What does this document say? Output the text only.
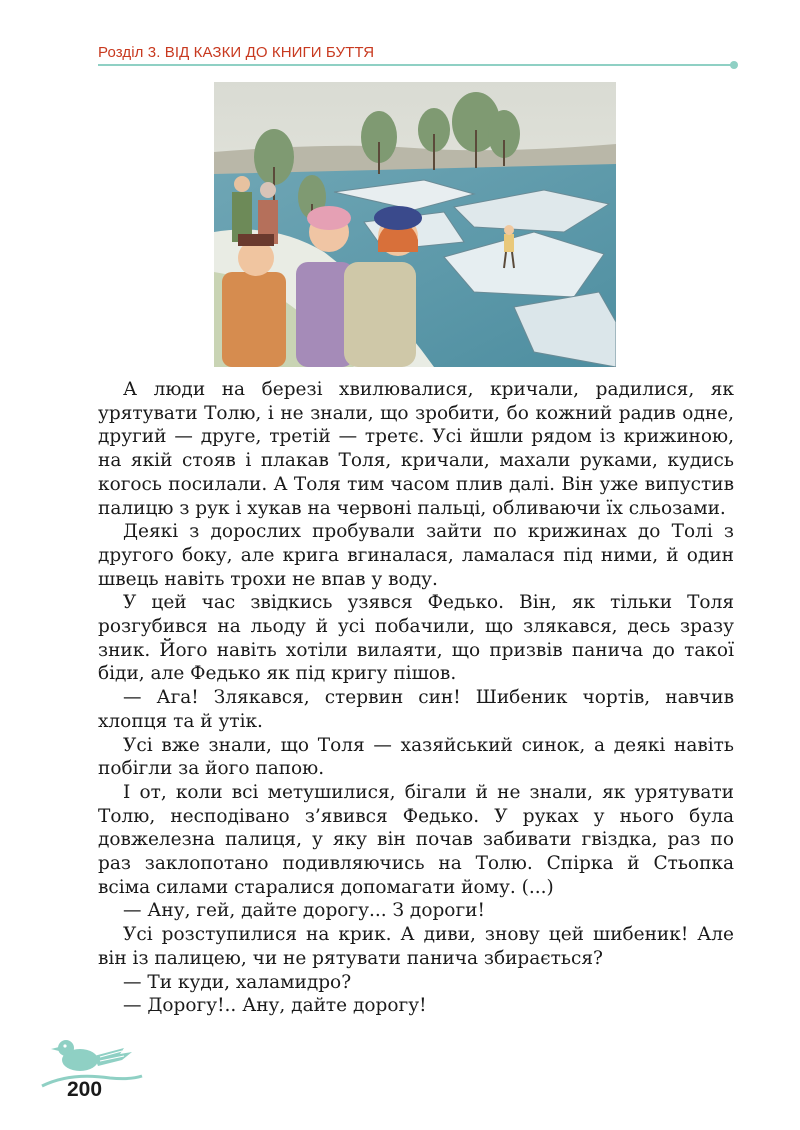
Розділ 3. ВІД КАЗКИ ДО КНИГИ БУТТЯ

А люди на березі хвилювалися, кричали, радилися, як урятувати Толю, і не знали, що зробити, бо кожний радив одне, другий — друге, третій — третє. Усі йшли рядом із крижиною, на якій стояв і плакав Толя, кричали, махали руками, кудись когось посилали. А Толя тим часом плив далі. Він уже випустив палицю з рук і хукав на червоні пальці, обливаючи їх сльозами.

Деякі з дорослих пробували зайти по крижинах до Толі з другого боку, але крига вгиналася, ламалася під ними, й один швець навіть трохи не впав у воду.

У цей час звідкись узявся Федько. Він, як тільки Толя розгубився на льоду й усі побачили, що злякався, десь зразу зник. Його навіть хотіли вилаяти, що призвів панича до такої біди, але Федько як під кригу пішов.

— Ага! Злякався, стервин син! Шибеник чортів, навчив хлопця та й утік.

Усі вже знали, що Толя — хазяйський синок, а деякі навіть побігли за його папою.

І от, коли всі метушилися, бігали й не знали, як урятувати Толю, несподівано з’явився Федько. У руках у нього була довжелезна палиця, у яку він почав забивати гвіздка, раз по раз заклопотано подивляючись на Толю. Спірка й Стьопка всіма силами старалися допомагати йому. (...)

— Ану, гей, дайте дорогу... З дороги!

Усі розступилися на крик. А диви, знову цей шибеник! Але він із палицею, чи не рятувати панича збирається?

— Ти куди, халамидро?

— Дорогу!.. Ану, дайте дорогу!

200
